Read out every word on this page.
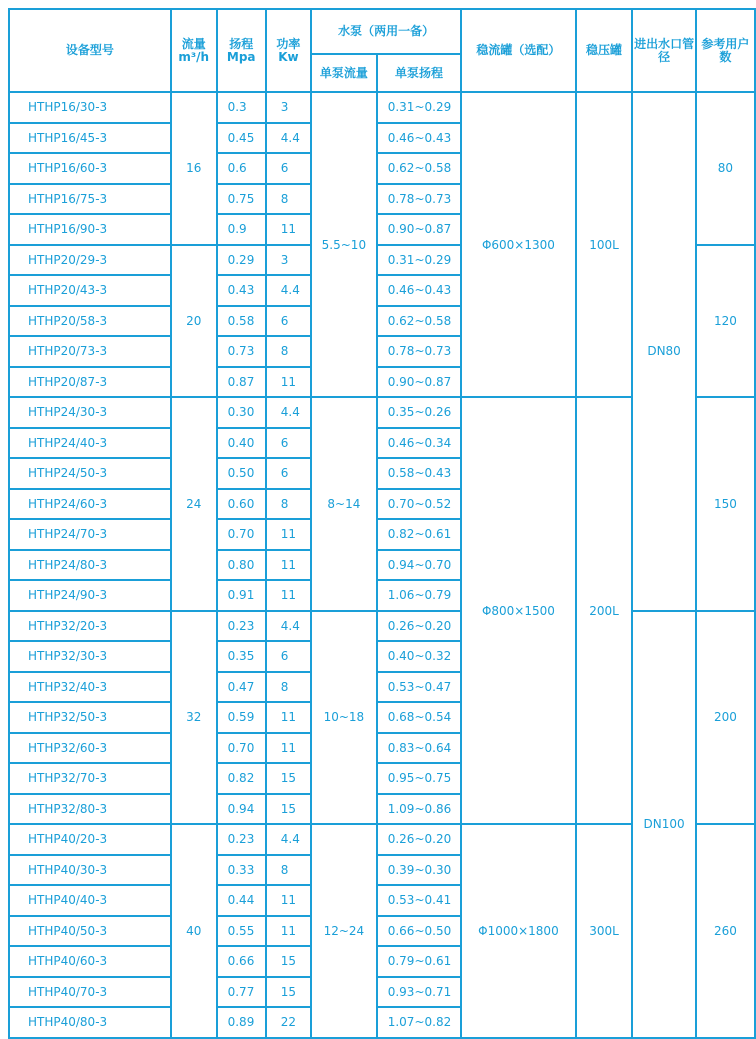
设备型号	流量m³/h	扬程Mpa	功率Kw	水泵（两用一备）		稳流罐（选配）	稳压罐	进出水口管径	参考用户数
				单泵流量	单泵扬程				
HTHP16/30-3	16	0.3	3	5.5~10	0.31~0.29	Φ600×1300	100L	DN80	80
HTHP16/45-3		0.45	4.4		0.46~0.43				
HTHP16/60-3		0.6	6		0.62~0.58				
HTHP16/75-3		0.75	8		0.78~0.73				
HTHP16/90-3		0.9	11		0.90~0.87				
HTHP20/29-3	20	0.29	3		0.31~0.29				120
HTHP20/43-3		0.43	4.4		0.46~0.43				
HTHP20/58-3		0.58	6		0.62~0.58				
HTHP20/73-3		0.73	8		0.78~0.73				
HTHP20/87-3		0.87	11		0.90~0.87				
HTHP24/30-3	24	0.30	4.4	8~14	0.35~0.26	Φ800×1500	200L		150
HTHP24/40-3		0.40	6		0.46~0.34				
HTHP24/50-3		0.50	6		0.58~0.43				
HTHP24/60-3		0.60	8		0.70~0.52				
HTHP24/70-3		0.70	11		0.82~0.61				
HTHP24/80-3		0.80	11		0.94~0.70				
HTHP24/90-3		0.91	11		1.06~0.79				
HTHP32/20-3	32	0.23	4.4	10~18	0.26~0.20			DN100	200
HTHP32/30-3		0.35	6		0.40~0.32				
HTHP32/40-3		0.47	8		0.53~0.47				
HTHP32/50-3		0.59	11		0.68~0.54				
HTHP32/60-3		0.70	11		0.83~0.64				
HTHP32/70-3		0.82	15		0.95~0.75				
HTHP32/80-3		0.94	15		1.09~0.86				
HTHP40/20-3	40	0.23	4.4	12~24	0.26~0.20	Φ1000×1800	300L		260
HTHP40/30-3		0.33	8		0.39~0.30				
HTHP40/40-3		0.44	11		0.53~0.41				
HTHP40/50-3		0.55	11		0.66~0.50				
HTHP40/60-3		0.66	15		0.79~0.61				
HTHP40/70-3		0.77	15		0.93~0.71				
HTHP40/80-3		0.89	22		1.07~0.82				
